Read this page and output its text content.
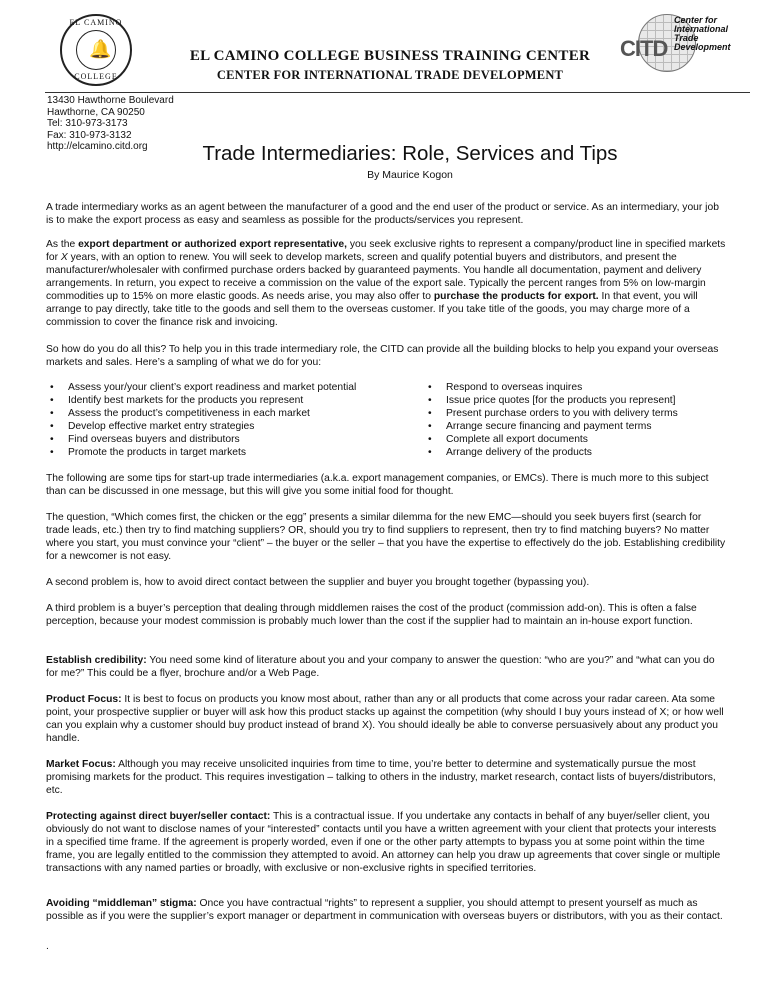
EL CAMINO
🔔
COLLEGE
EL CAMINO COLLEGE BUSINESS TRAINING CENTER
CENTER FOR INTERNATIONAL TRADE DEVELOPMENT
CITD
Center for
International
Trade
Development
13430 Hawthorne Boulevard
Hawthorne, CA 90250
Tel: 310-973-3173
Fax: 310-973-3132
http://elcamino.citd.org	Trade Intermediaries: Role, Services and Tips
By Maurice Kogon

A trade intermediary works as an agent between the manufacturer of a good and the end user of the product or service. As an intermediary, your job is to make the export process as easy and seamless as possible for the products/services you represent.

As the export department or authorized export representative, you seek exclusive rights to represent a company/product line in specified markets for X years, with an option to renew. You will seek to develop markets, screen and qualify potential buyers and distributors, and present the manufacturer/wholesaler with confirmed purchase orders backed by guaranteed payments. You handle all documentation, payment and delivery arrangements. In return, you expect to receive a commission on the value of the export sale. Typically the percent ranges from 5% on low-margin commodities up to 15% on more elastic goods. As needs arise, you may also offer to purchase the products for export. In that event, you will arrange to pay directly, take title to the goods and sell them to the overseas customer. If you take title of the goods, you may charge more of a commission to cover the finance risk and invoicing.

So how do you do all this? To help you in this trade intermediary role, the CITD can provide all the building blocks to help you expand your overseas markets and sales. Here’s a sampling of what we do for you:

• Assess your/your client’s export readiness and market potential
• Identify best markets for the products you represent
• Assess the product’s competitiveness in each market
• Develop effective market entry strategies
• Find overseas buyers and distributors
• Promote the products in target markets
• Respond to overseas inquires
• Issue price quotes [for the products you represent]
• Present purchase orders to you with delivery terms
• Arrange secure financing and payment terms
• Complete all export documents
• Arrange delivery of the products

The following are some tips for start-up trade intermediaries (a.k.a. export management companies, or EMCs). There is much more to this subject than can be discussed in one message, but this will give you some initial food for thought.

The question, “Which comes first, the chicken or the egg” presents a similar dilemma for the new EMC—should you seek buyers first (search for trade leads, etc.) then try to find matching suppliers? OR, should you try to find suppliers to represent, then try to find matching buyers? No matter where you start, you must convince your “client” – the buyer or the seller – that you have the expertise to effectively do the job. Establishing credibility for a newcomer is not easy.

A second problem is, how to avoid direct contact between the supplier and buyer you brought together (bypassing you).

A third problem is a buyer’s perception that dealing through middlemen raises the cost of the product (commission add-on). This is often a false perception, because your modest commission is probably much lower than the cost if the supplier had to maintain an in-house export function.

Establish credibility: You need some kind of literature about you and your company to answer the question: “who are you?” and “what can you do for me?” This could be a flyer, brochure and/or a Web Page.

Product Focus: It is best to focus on products you know most about, rather than any or all products that come across your radar careen. Ata some point, your prospective supplier or buyer will ask how this product stacks up against the competition (why should I buy yours instead of X; or how well can you explain why a customer should buy product instead of brand X). You should ideally be able to converse persuasively about any product you handle.

Market Focus: Although you may receive unsolicited inquiries from time to time, you’re better to determine and systematically pursue the most promising markets for the product. This requires investigation – talking to others in the industry, market research, contact lists of buyers/distributors, etc.

Protecting against direct buyer/seller contact: This is a contractual issue. If you undertake any contacts in behalf of any buyer/seller client, you obviously do not want to disclose names of your “interested” contacts until you have a written agreement with your client that protects your interests in a specified time frame. If the agreement is properly worded, even if one or the other party attempts to bypass you at some point within the time frame, you are legally entitled to the commission they attempted to avoid. An attorney can help you draw up agreements that cover single or multiple transactions with any named parties or broadly, with exclusive or non-exclusive rights in specified territories.

Avoiding “middleman” stigma: Once you have contractual “rights” to represent a supplier, you should attempt to present yourself as much as possible as if you were the supplier’s export manager or department in communication with overseas buyers or distributors, with you as their contact.

.
